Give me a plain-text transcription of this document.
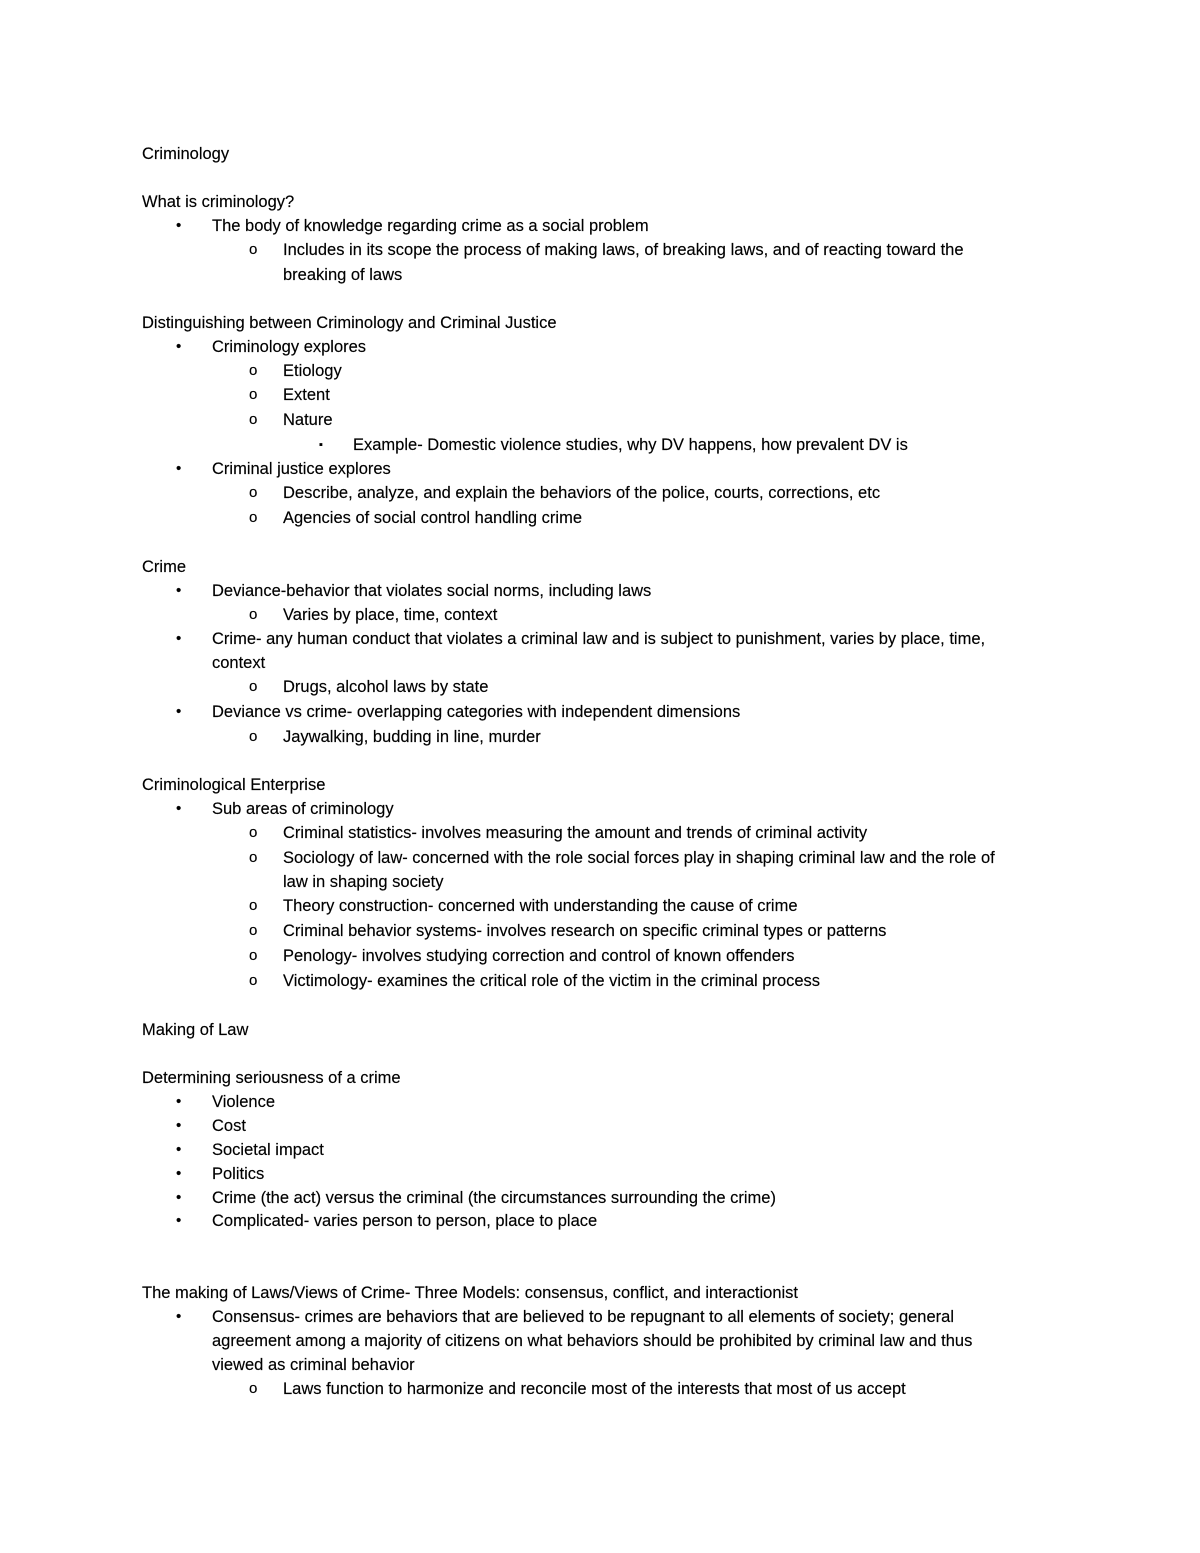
Criminology
What is criminology?
• The body of knowledge regarding crime as a social problem
o Includes in its scope the process of making laws, of breaking laws, and of reacting toward the
breaking of laws
Distinguishing between Criminology and Criminal Justice
• Criminology explores
o Etiology
o Extent
o Nature
▪ Example- Domestic violence studies, why DV happens, how prevalent DV is
• Criminal justice explores
o Describe, analyze, and explain the behaviors of the police, courts, corrections, etc
o Agencies of social control handling crime
Crime
• Deviance-behavior that violates social norms, including laws
o Varies by place, time, context
• Crime- any human conduct that violates a criminal law and is subject to punishment, varies by place, time,
context
o Drugs, alcohol laws by state
• Deviance vs crime- overlapping categories with independent dimensions
o Jaywalking, budding in line, murder
Criminological Enterprise
• Sub areas of criminology
o Criminal statistics- involves measuring the amount and trends of criminal activity
o Sociology of law- concerned with the role social forces play in shaping criminal law and the role of
law in shaping society
o Theory construction- concerned with understanding the cause of crime
o Criminal behavior systems- involves research on specific criminal types or patterns
o Penology- involves studying correction and control of known offenders
o Victimology- examines the critical role of the victim in the criminal process
Making of Law
Determining seriousness of a crime
• Violence
• Cost
• Societal impact
• Politics
• Crime (the act) versus the criminal (the circumstances surrounding the crime)
• Complicated- varies person to person, place to place
The making of Laws/Views of Crime- Three Models: consensus, conflict, and interactionist
• Consensus- crimes are behaviors that are believed to be repugnant to all elements of society; general
agreement among a majority of citizens on what behaviors should be prohibited by criminal law and thus
viewed as criminal behavior
o Laws function to harmonize and reconcile most of the interests that most of us accept
